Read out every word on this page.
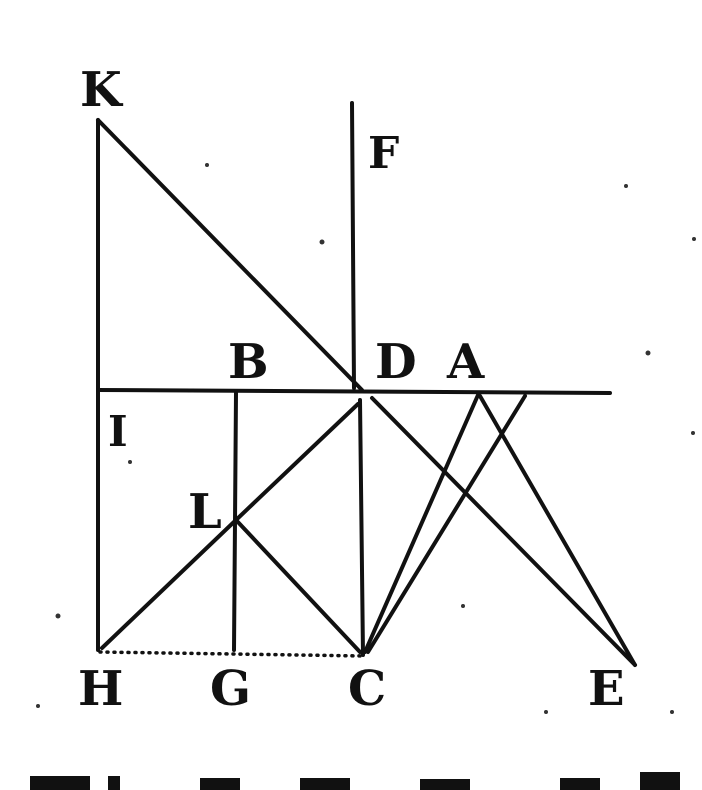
K
F
B D A
I
L
H G C	E
